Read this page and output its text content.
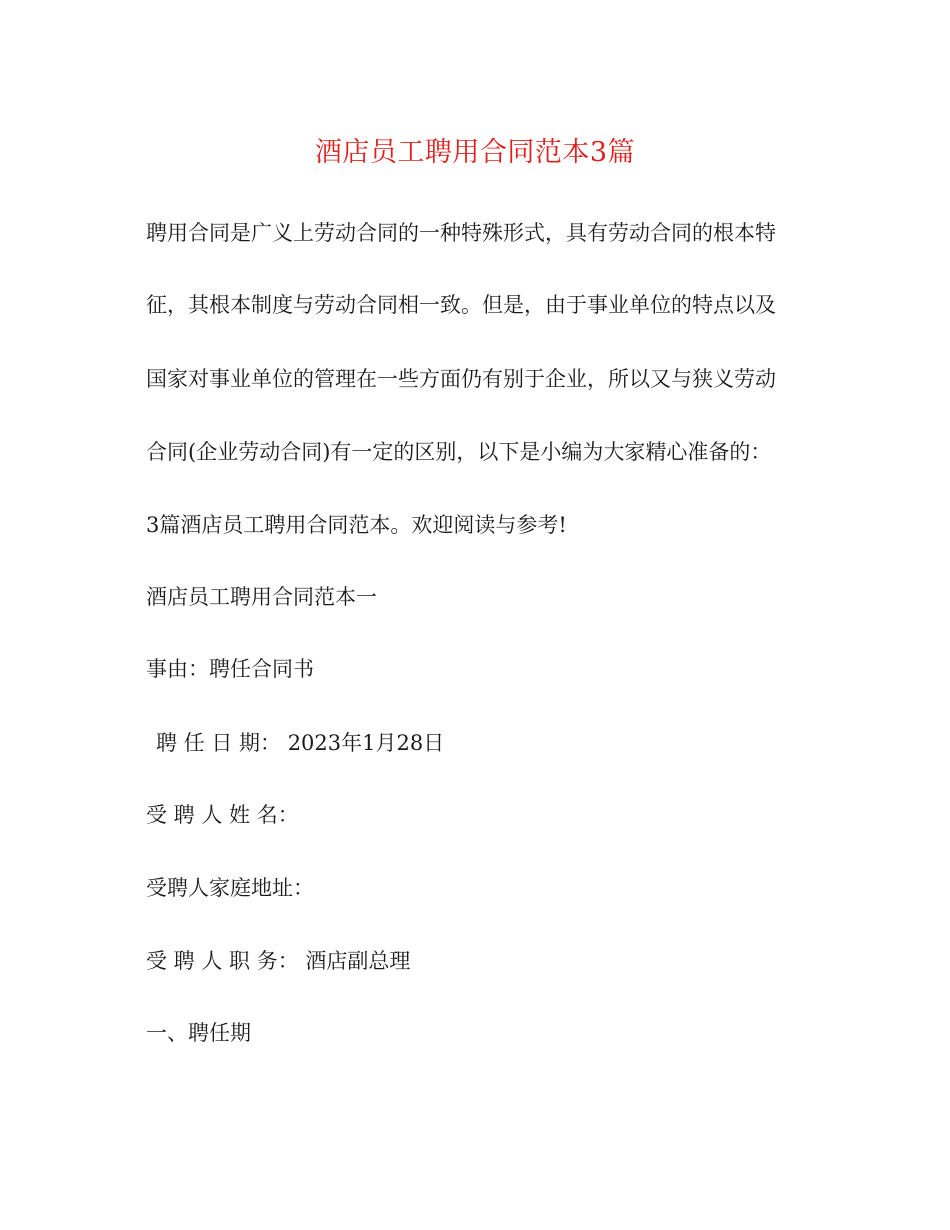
酒店员工聘用合同范本3篇
聘用合同是广义上劳动合同的一种特殊形式，具有劳动合同的根本特
征，其根本制度与劳动合同相一致。但是，由于事业单位的特点以及
国家对事业单位的管理在一些方面仍有别于企业，所以又与狭义劳动
合同(企业劳动合同)有一定的区别，以下是小编为大家精心准备的：
3篇酒店员工聘用合同范本。欢迎阅读与参考!
酒店员工聘用合同范本一
事由：聘任合同书
聘 任 日 期： 2023年1月28日
受 聘 人 姓 名：
受聘人家庭地址：
受 聘 人 职 务： 酒店副总理
一、聘任期
